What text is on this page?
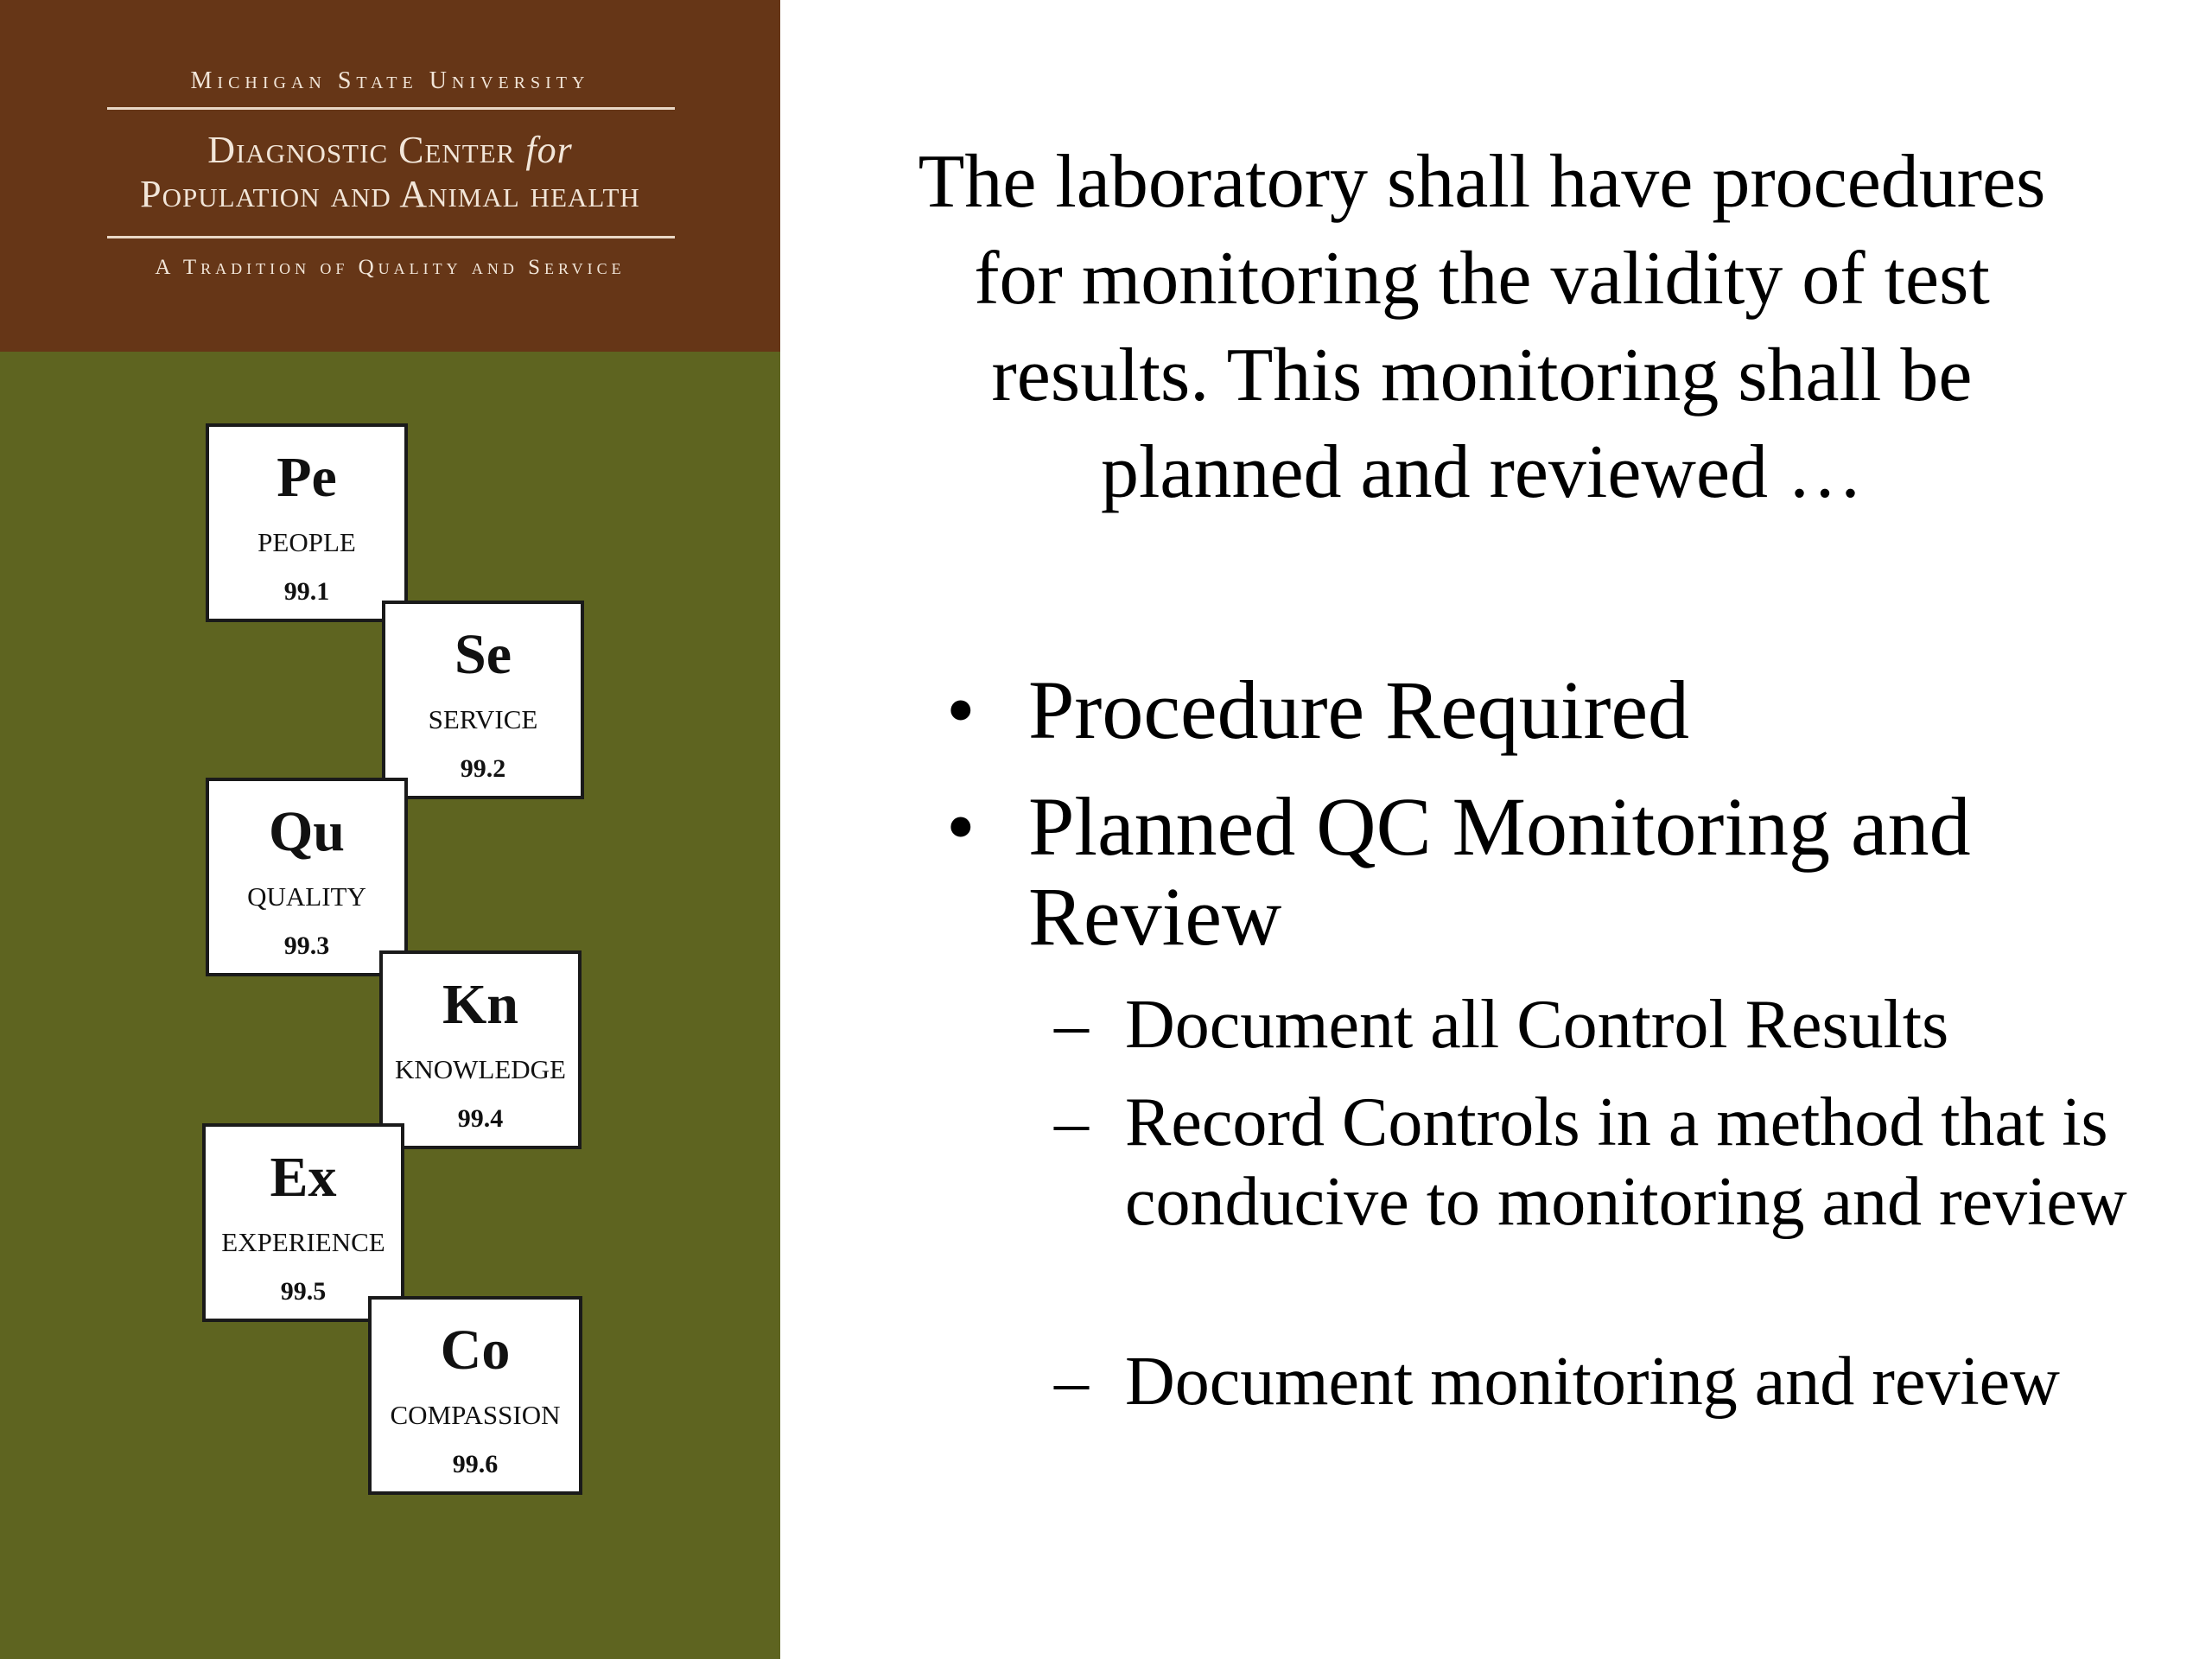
Michigan State University
Diagnostic Center for
Population and Animal health
A Tradition of Quality and Service
Pe
PEOPLE
99.1
Se
SERVICE
99.2
Qu
QUALITY
99.3
Kn
KNOWLEDGE
99.4
Ex
EXPERIENCE
99.5
Co
COMPASSION
99.6
The laboratory shall have procedures for monitoring the validity of test results. This monitoring shall be planned and reviewed …
• Procedure Required
• Planned QC Monitoring and Review
– Document all Control Results
– Record Controls in a method that is conducive to monitoring and review
– Document monitoring and review
